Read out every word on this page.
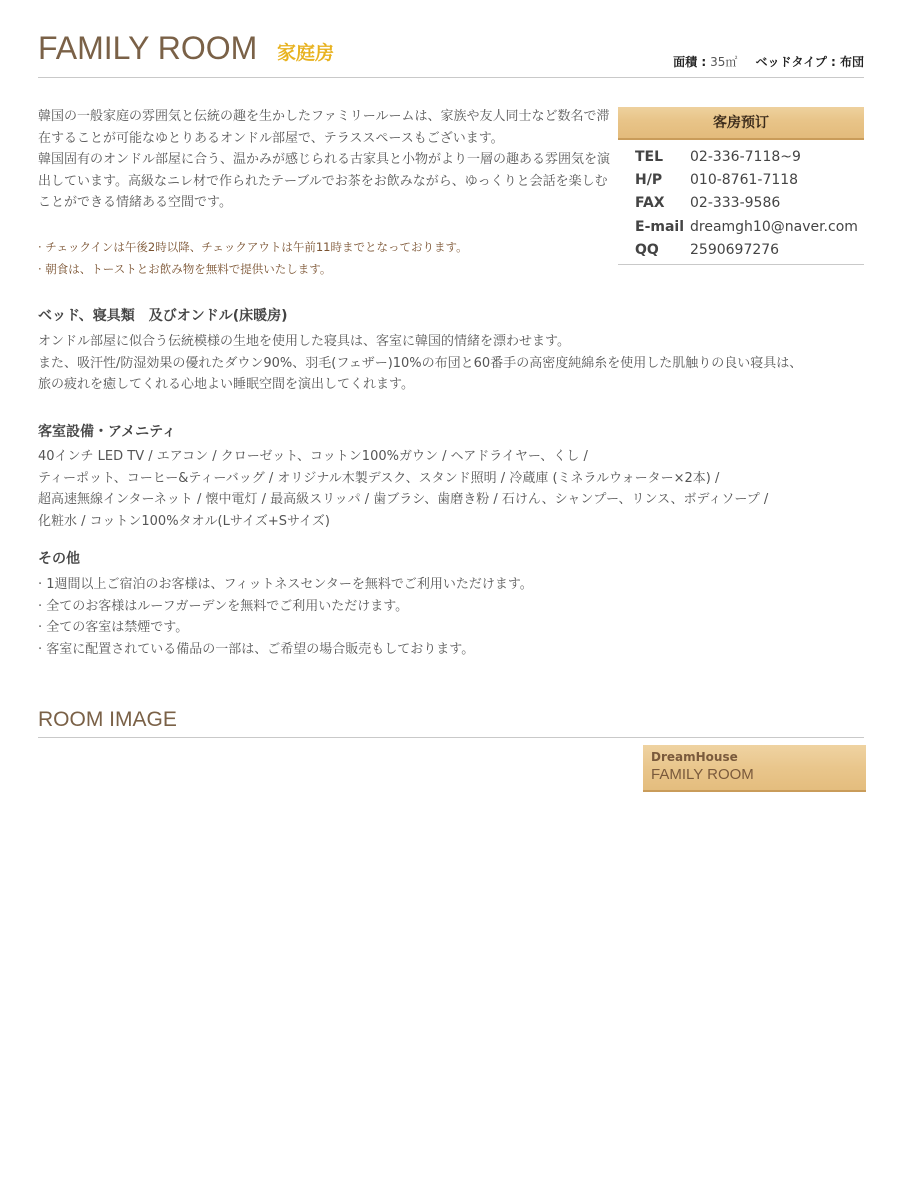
FAMILY ROOM 家庭房	面積 : 35㎡ ベッドタイプ : 布団

韓国の一般家庭の雰囲気と伝統の趣を生かしたファミリールームは、家族や友人同士など数名で滞在することが可能なゆとりあるオンドル部屋で、テラススペースもございます。

韓国固有のオンドル部屋に合う、温かみが感じられる古家具と小物がより一層の趣ある雰囲気を演出しています。高級なニレ材で作られたテーブルでお茶をお飲みながら、ゆっくりと会話を楽しむことができる情緒ある空間です。

· チェックインは午後2時以降、チェックアウトは午前11時までとなっております。
· 朝食は、トーストとお飲み物を無料で提供いたします。
客房预订
TEL	02-336-7118~9
H/P	010-8761-7118
FAX	02-333-9586
E-mail dreamgh10@naver.com
QQ	2590697276
ベッド、寝具類　及びオンドル(床暖房)
オンドル部屋に似合う伝統模様の生地を使用した寝具は、客室に韓国的情緒を漂わせます。
また、吸汗性/防湿効果の優れたダウン90%、羽毛(フェザー)10%の布団と60番手の高密度純綿糸を使用した肌触りの良い寝具は、
旅の疲れを癒してくれる心地よい睡眠空間を演出してくれます。
客室設備・アメニティ
40インチ LED TV / エアコン / クローゼット、コットン100%ガウン / ヘアドライヤー、くし /
ティーポット、コーヒー&ティーバッグ / オリジナル木製デスク、スタンド照明 / 冷蔵庫 (ミネラルウォーター×2本) /
超高速無線インターネット / 懐中電灯 / 最高級スリッパ / 歯ブラシ、歯磨き粉 / 石けん、シャンプー、リンス、ボディソープ /
化粧水 / コットン100%タオル(Lサイズ+Sサイズ)
その他
· 1週間以上ご宿泊のお客様は、フィットネスセンターを無料でご利用いただけます。
· 全てのお客様はルーフガーデンを無料でご利用いただけます。
· 全ての客室は禁煙です。
· 客室に配置されている備品の一部は、ご希望の場合販売もしております。
ROOM IMAGE
DreamHouse
FAMILY ROOM
